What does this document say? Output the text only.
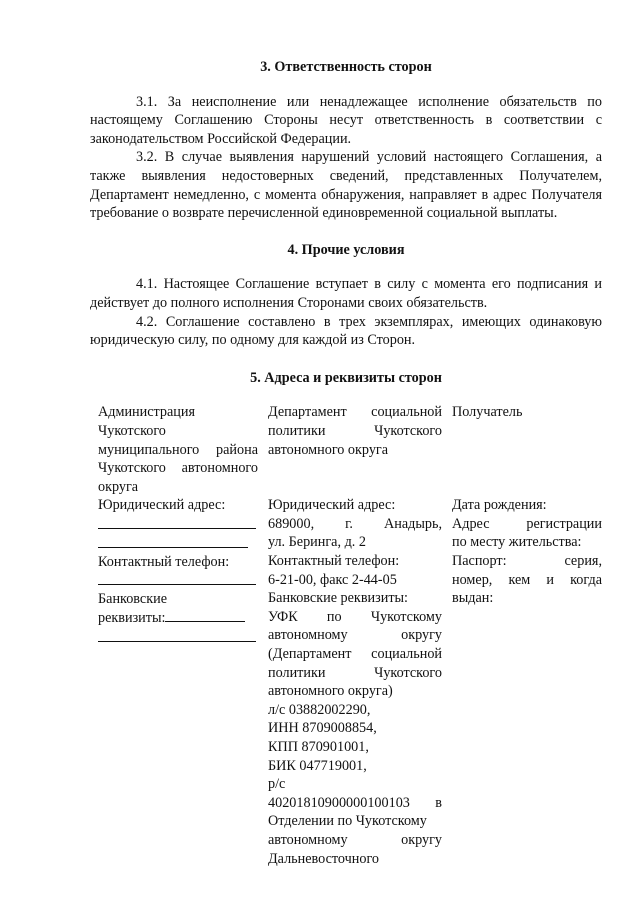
3. Ответственность сторон

3.1. За неисполнение или ненадлежащее исполнение обязательств по настоящему Соглашению Стороны несут ответственность в соответствии с законодательством Российской Федерации.

3.2. В случае выявления нарушений условий настоящего Соглашения, а также выявления недостоверных сведений, представленных Получателем, Департамент немедленно, с момента обнаружения, направляет в адрес Получателя требование о возврате перечисленной единовременной социальной выплаты.

4. Прочие условия

4.1. Настоящее Соглашение вступает в силу с момента его подписания и действует до полного исполнения Сторонами своих обязательств.

4.2. Соглашение составлено в трех экземплярах, имеющих одинаковую юридическую силу, по одному для каждой из Сторон.

5. Адреса и реквизиты сторон
Администрация
Чукотского
муниципального района
Чукотского автономного
округа
Юридический адрес:
Контактный телефон:
Банковские
реквизиты:
Департамент социальной
политики Чукотского
автономного округа
Юридический адрес:
689000, г. Анадырь,
ул. Беринга, д. 2
Контактный телефон:
6-21-00, факс 2-44-05
Банковские реквизиты:
УФК по Чукотскому
автономному округу
(Департамент социальной
политики Чукотского
автономного округа)
л/с 03882002290,
ИНН 8709008854,
КПП 870901001,
БИК 047719001,
р/с
40201810900000100103 в
Отделении по Чукотскому
автономному округу
Дальневосточного
Получатель
Дата рождения:
Адрес регистрации
по месту жительства:
Паспорт: серия,
номер, кем и когда
выдан:
